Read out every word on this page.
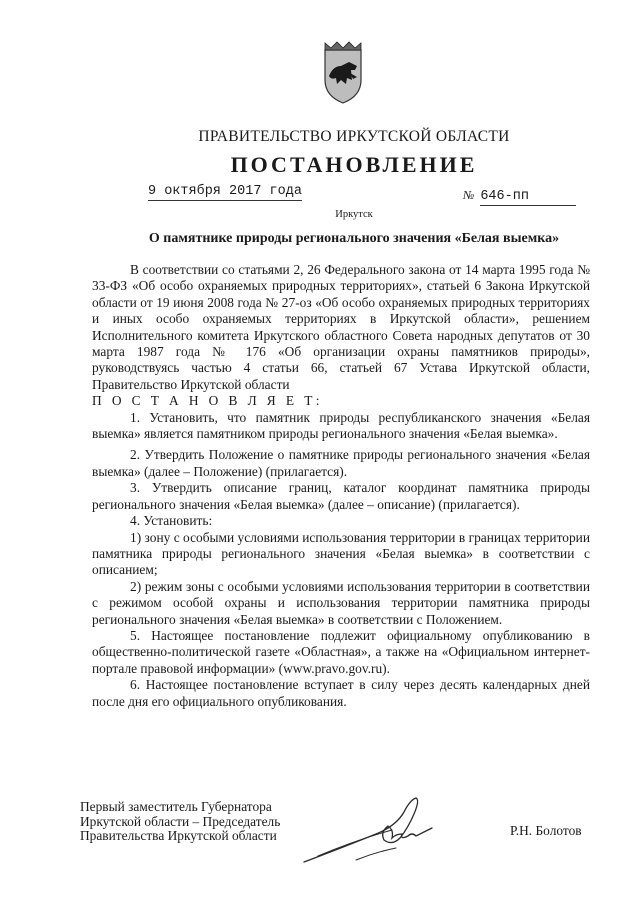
ПРАВИТЕЛЬСТВО ИРКУТСКОЙ ОБЛАСТИ
ПОСТАНОВЛЕНИЕ
9 октября 2017 года	№ 646-пп
Иркутск
О памятнике природы регионального значения «Белая выемка»

В соответствии со статьями 2, 26 Федерального закона от 14 марта 1995 года № 33-ФЗ «Об особо охраняемых природных территориях», статьей 6 Закона Иркутской области от 19 июня 2008 года № 27-оз «Об особо охраняемых природных территориях и иных особо охраняемых территориях в Иркутской области», решением Исполнительного комитета Иркутского областного Совета народных депутатов от 30 марта 1987 года № 176 «Об организации охраны памятников природы», руководствуясь частью 4 статьи 66, статьей 67 Устава Иркутской области, Правительство Иркутской области

П О С Т А Н О В Л Я Е Т:

1. Установить, что памятник природы республиканского значения «Белая выемка» является памятником природы регионального значения «Белая выемка».

2. Утвердить Положение о памятнике природы регионального значения «Белая выемка» (далее – Положение) (прилагается).

3. Утвердить описание границ, каталог координат памятника природы регионального значения «Белая выемка» (далее – описание) (прилагается).

4. Установить:

1) зону с особыми условиями использования территории в границах территории памятника природы регионального значения «Белая выемка» в соответствии с описанием;

2) режим зоны с особыми условиями использования территории в соответствии с режимом особой охраны и использования территории памятника природы регионального значения «Белая выемка» в соответствии с Положением.

5. Настоящее постановление подлежит официальному опубликованию в общественно-политической газете «Областная», а также на «Официальном интернет-портале правовой информации» (www.pravo.gov.ru).

6. Настоящее постановление вступает в силу через десять календарных дней после дня его официального опубликования.

Первый заместитель Губернатора
Иркутской области – Председатель
Правительства Иркутской области	Р.Н. Болотов
